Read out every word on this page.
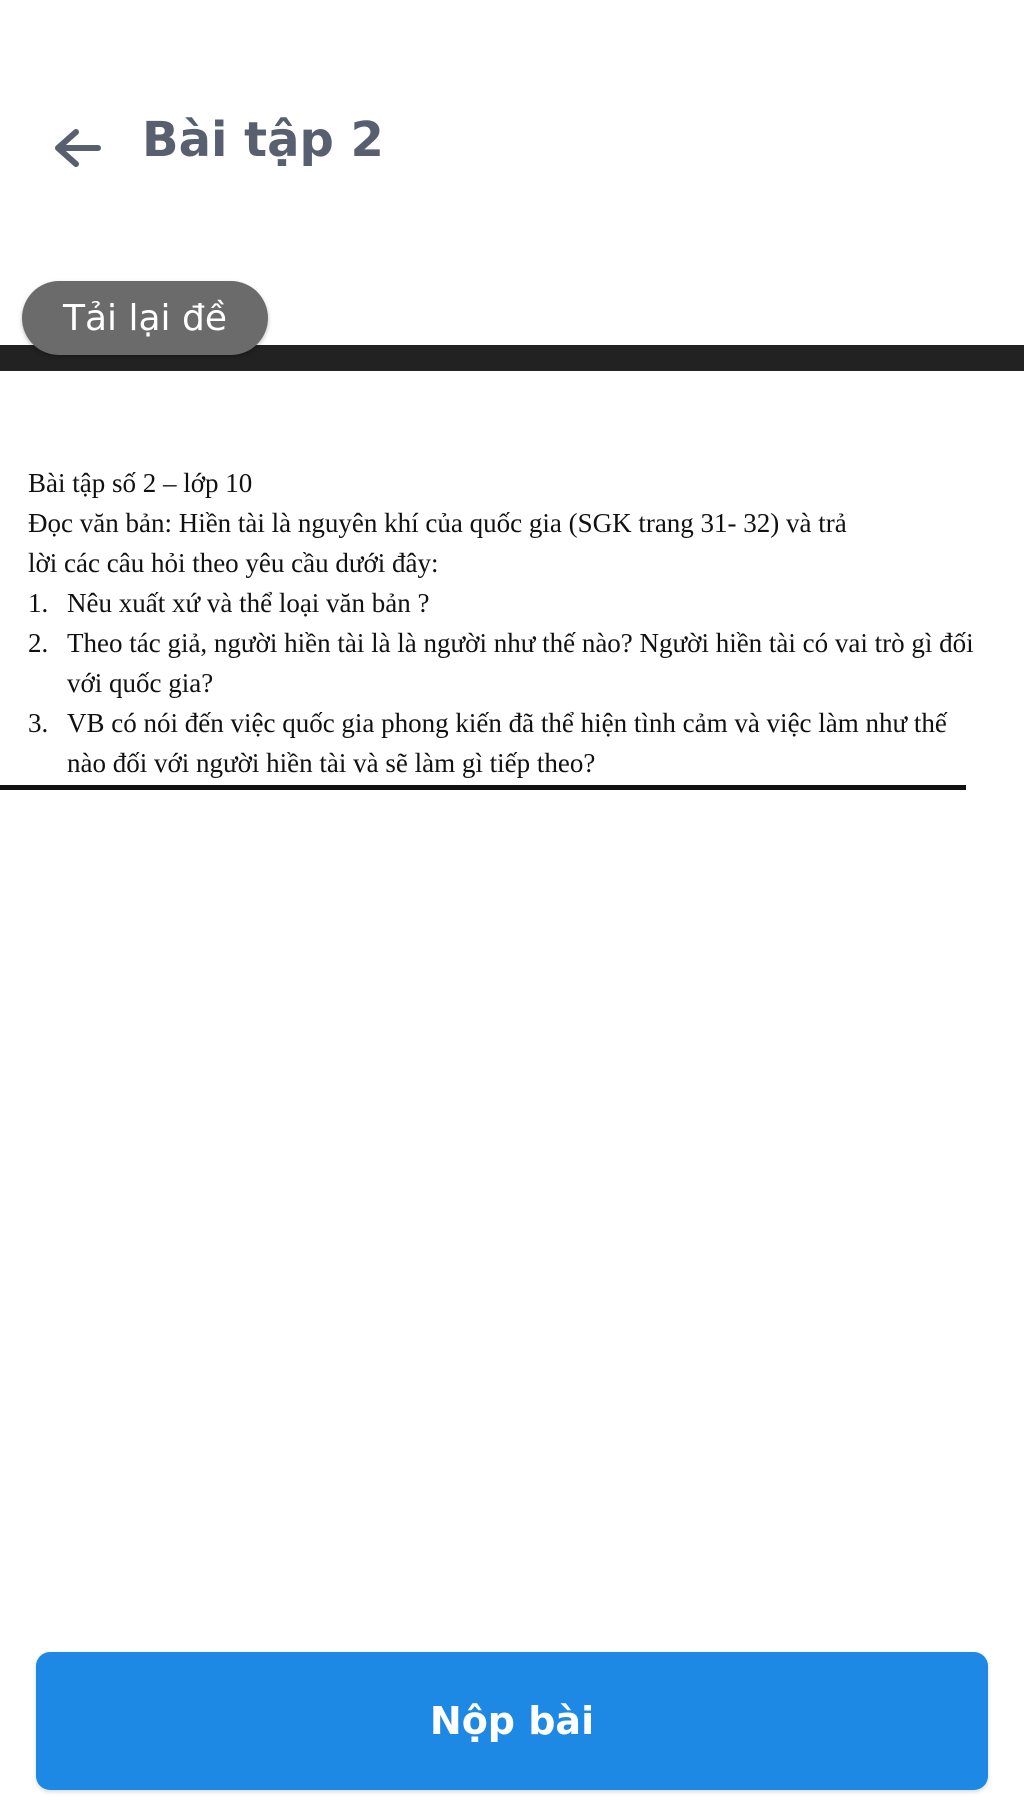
Bài tập 2
Tải lại đề

Bài tập số 2 – lớp 10

Đọc văn bản: Hiền tài là nguyên khí của quốc gia (SGK trang 31- 32) và trả

lời các câu hỏi theo yêu cầu dưới đây:

1. Nêu xuất xứ và thể loại văn bản ?
2. Theo tác giả, người hiền tài là là người như thế nào? Người hiền tài có vai trò gì đối với quốc gia?
3. VB có nói đến việc quốc gia phong kiến đã thể hiện tình cảm và việc làm như thế nào đối với người hiền tài và sẽ làm gì tiếp theo?
Nộp bài
